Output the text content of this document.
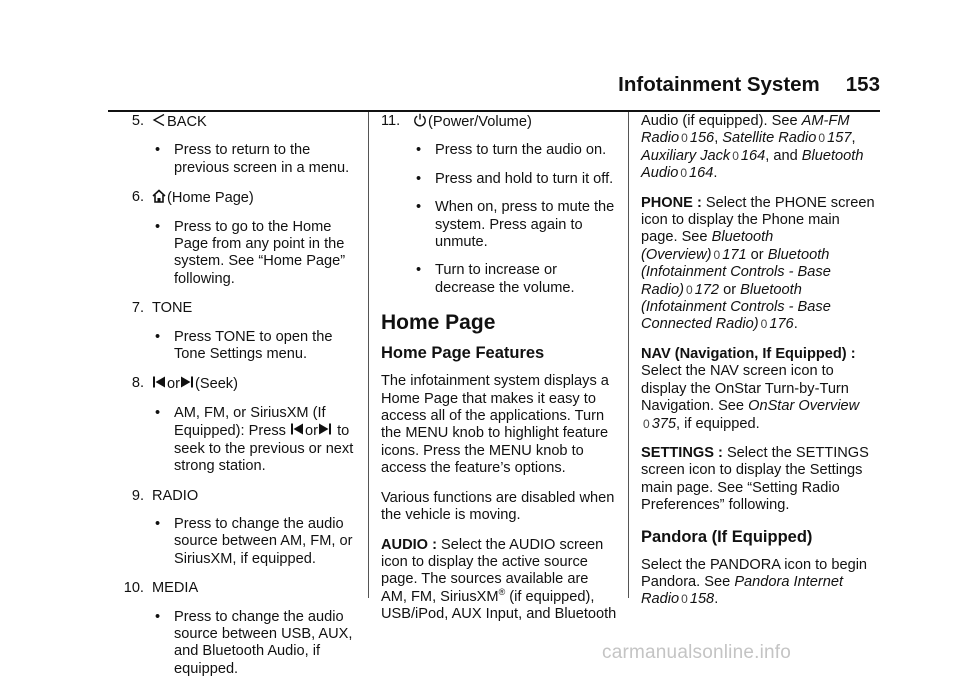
Infotainment System 153
5. BACK
• Press to return to the previous screen in a menu.
6. (Home Page)
• Press to go to the Home Page from any point in the system. See “Home Page” following.
7. TONE
• Press TONE to open the Tone Settings menu.
8. or (Seek)
• AM, FM, or SiriusXM (If Equipped): Press or to seek to the previous or next strong station.
9. RADIO
• Press to change the audio source between AM, FM, or SiriusXM, if equipped.
10. MEDIA
• Press to change the audio source between USB, AUX, and Bluetooth Audio, if equipped.
11.	(Power/Volume)
• Press to turn the audio on.
• Press and hold to turn it off.
• When on, press to mute the system. Press again to unmute.
• Turn to increase or decrease the volume.
Home Page
Home Page Features

The infotainment system displays a Home Page that makes it easy to access all of the applications. Turn the MENU knob to highlight feature icons. Press the MENU knob to access the feature’s options.

Various functions are disabled when the vehicle is moving.

AUDIO : Select the AUDIO screen icon to display the active source page. The sources available are AM, FM, SiriusXM® (if equipped), USB/iPod, AUX Input, and Bluetooth

Audio (if equipped). See AM-FM Radio 0 156, Satellite Radio 0 157, Auxiliary Jack 0 164, and Bluetooth Audio 0 164.

PHONE : Select the PHONE screen icon to display the Phone main page. See Bluetooth (Overview) 0 171 or Bluetooth (Infotainment Controls - Base Radio) 0 172 or Bluetooth (Infotainment Controls - Base Connected Radio) 0 176.

NAV (Navigation, If Equipped) : Select the NAV screen icon to display the OnStar Turn-by-Turn Navigation. See OnStar Overview 0 375, if equipped.

SETTINGS : Select the SETTINGS screen icon to display the Settings main page. See “Setting Radio Preferences” following.

Pandora (If Equipped)

Select the PANDORA icon to begin Pandora. See Pandora Internet Radio 0 158.

carmanualsonline.info
